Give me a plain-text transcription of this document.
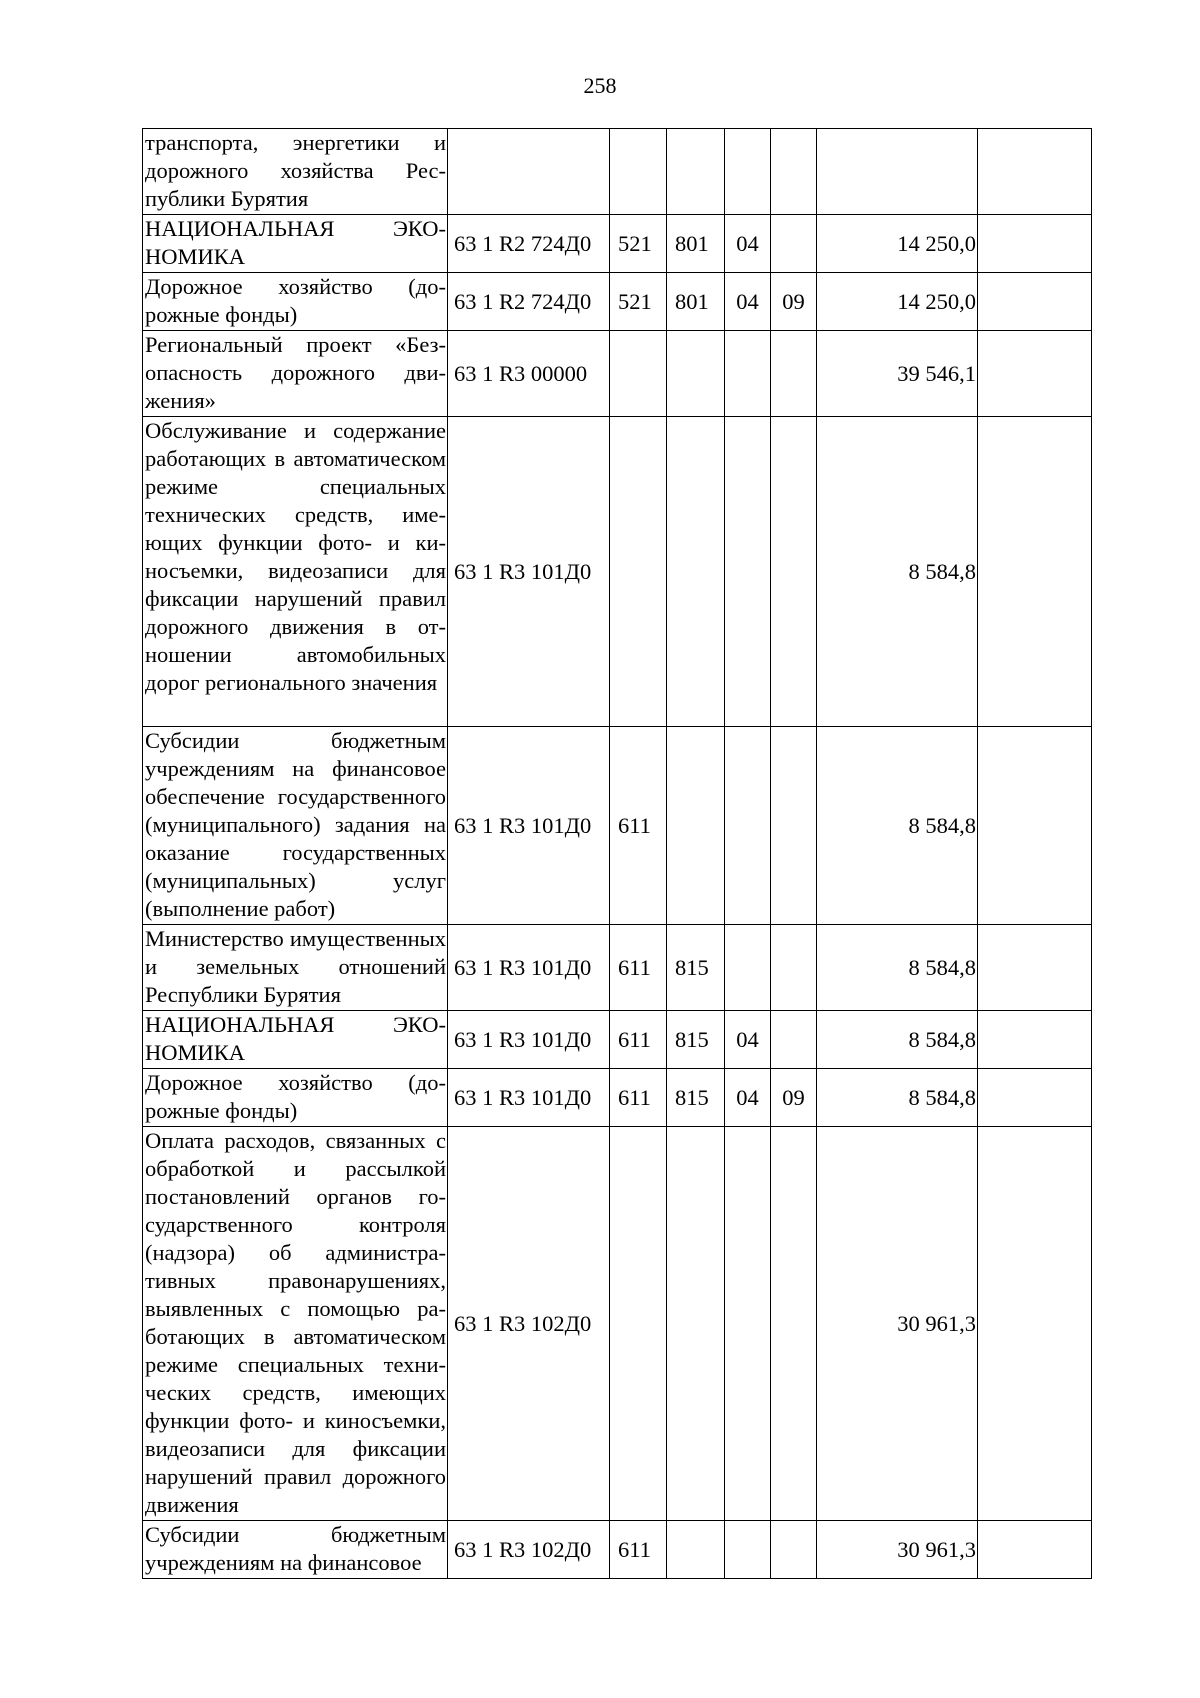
258
транспорта, энергетики и дорожного хозяйства Республики Бурятия							

НАЦИОНАЛЬНАЯ ЭКОНОМИКА	63 1 R2 724Д0	521	801	04		14 250,0	

Дорожное хозяйство (дорожные фонды)	63 1 R2 724Д0	521	801	04	09	14 250,0	

Региональный проект «Безопасность дорожного движения»	63 1 R3 00000					39 546,1	

Обслуживание и содержание работающих в автоматическом режиме специальных технических средств, имеющих функции фото- и киносъемки, видеозаписи для фиксации нарушений правил дорожного движения в отношении автомобильных дорог регионального значения	63 1 R3 101Д0					8 584,8	

Субсидии бюджетным учреждениям на финансовое обеспечение государственного (муниципального) задания на оказание государственных (муниципальных) услуг (выполнение работ)	63 1 R3 101Д0	611				8 584,8	

Министерство имущественных и земельных отношений Республики Бурятия	63 1 R3 101Д0	611	815			8 584,8	

НАЦИОНАЛЬНАЯ ЭКОНОМИКА	63 1 R3 101Д0	611	815	04		8 584,8	

Дорожное хозяйство (дорожные фонды)	63 1 R3 101Д0	611	815	04	09	8 584,8	

Оплата расходов, связанных с обработкой и рассылкой постановлений органов государственного контроля (надзора) об административных правонарушениях, выявленных с помощью работающих в автоматическом режиме специальных технических средств, имеющих функции фото- и киносъемки, видеозаписи для фиксации нарушений правил дорожного движения	63 1 R3 102Д0					30 961,3	

Субсидии бюджетным учреждениям на финансовое	63 1 R3 102Д0	611				30 961,3	
